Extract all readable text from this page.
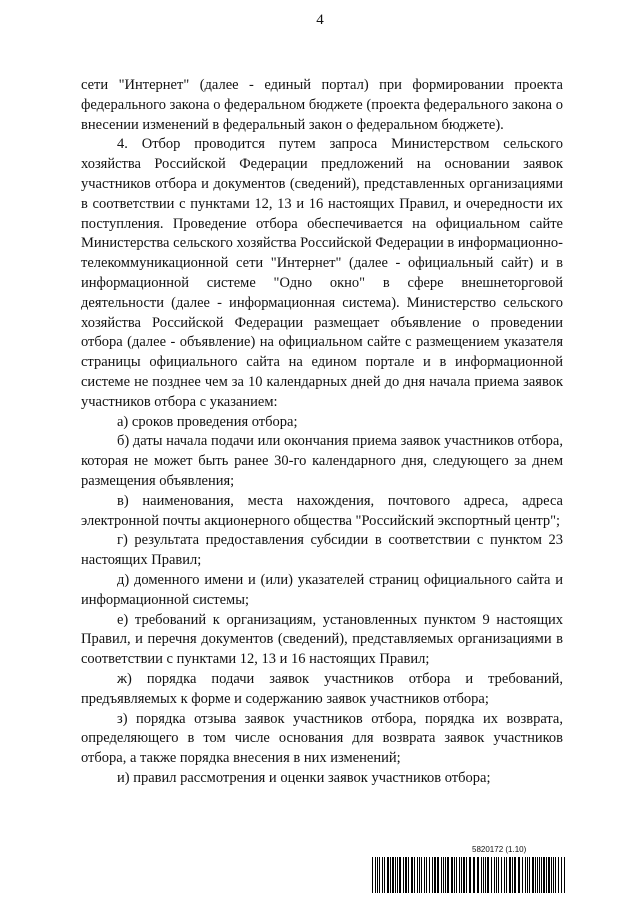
4

сети "Интернет" (далее - единый портал) при формировании проекта федерального закона о федеральном бюджете (проекта федерального закона о внесении изменений в федеральный закон о федеральном бюджете).

4. Отбор проводится путем запроса Министерством сельского хозяйства Российской Федерации предложений на основании заявок участников отбора и документов (сведений), представленных организациями в соответствии с пунктами 12, 13 и 16 настоящих Правил, и очередности их поступления. Проведение отбора обеспечивается на официальном сайте Министерства сельского хозяйства Российской Федерации в информационно-телекоммуникационной сети "Интернет" (далее - официальный сайт) и в информационной системе "Одно окно" в сфере внешнеторговой деятельности (далее - информационная система). Министерство сельского хозяйства Российской Федерации размещает объявление о проведении отбора (далее - объявление) на официальном сайте с размещением указателя страницы официального сайта на едином портале и в информационной системе не позднее чем за 10 календарных дней до дня начала приема заявок участников отбора с указанием:

а) сроков проведения отбора;

б) даты начала подачи или окончания приема заявок участников отбора, которая не может быть ранее 30-го календарного дня, следующего за днем размещения объявления;

в) наименования, места нахождения, почтового адреса, адреса электронной почты акционерного общества "Российский экспортный центр";

г) результата предоставления субсидии в соответствии с пунктом 23 настоящих Правил;

д) доменного имени и (или) указателей страниц официального сайта и информационной системы;

е) требований к организациям, установленных пунктом 9 настоящих Правил, и перечня документов (сведений), представляемых организациями в соответствии с пунктами 12, 13 и 16 настоящих Правил;

ж) порядка подачи заявок участников отбора и требований, предъявляемых к форме и содержанию заявок участников отбора;

з) порядка отзыва заявок участников отбора, порядка их возврата, определяющего в том числе основания для возврата заявок участников отбора, а также порядка внесения в них изменений;

и) правил рассмотрения и оценки заявок участников отбора;

5820172 (1.10)
